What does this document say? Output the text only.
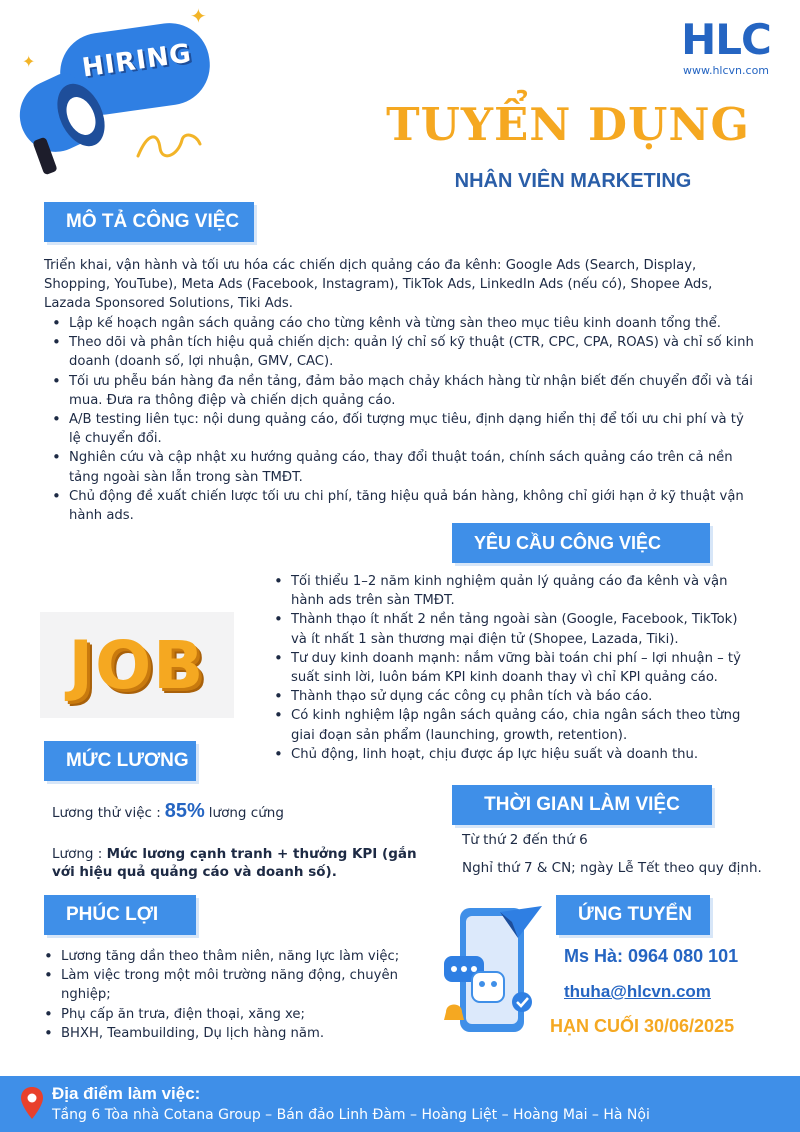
✦
✦	HIRING	HLC
www.hlcvn.com
TUYỂN DỤNG
NHÂN VIÊN MARKETING
MÔ TẢ CÔNG VIỆC
Triển khai, vận hành và tối ưu hóa các chiến dịch quảng cáo đa kênh: Google Ads (Search, Display, Shopping, YouTube), Meta Ads (Facebook, Instagram), TikTok Ads, LinkedIn Ads (nếu có), Shopee Ads, Lazada Sponsored Solutions, Tiki Ads.
• Lập kế hoạch ngân sách quảng cáo cho từng kênh và từng sàn theo mục tiêu kinh doanh tổng thể.
• Theo dõi và phân tích hiệu quả chiến dịch: quản lý chỉ số kỹ thuật (CTR, CPC, CPA, ROAS) và chỉ số kinh doanh (doanh số, lợi nhuận, GMV, CAC).
• Tối ưu phễu bán hàng đa nền tảng, đảm bảo mạch chảy khách hàng từ nhận biết đến chuyển đổi và tái mua. Đưa ra thông điệp và chiến dịch quảng cáo.
• A/B testing liên tục: nội dung quảng cáo, đối tượng mục tiêu, định dạng hiển thị để tối ưu chi phí và tỷ lệ chuyển đổi.
• Nghiên cứu và cập nhật xu hướng quảng cáo, thay đổi thuật toán, chính sách quảng cáo trên cả nền tảng ngoài sàn lẫn trong sàn TMĐT.
• Chủ động đề xuất chiến lược tối ưu chi phí, tăng hiệu quả bán hàng, không chỉ giới hạn ở kỹ thuật vận hành ads.
YÊU CẦU CÔNG VIỆC
JOB
• Tối thiểu 1–2 năm kinh nghiệm quản lý quảng cáo đa kênh và vận hành ads trên sàn TMĐT.
• Thành thạo ít nhất 2 nền tảng ngoài sàn (Google, Facebook, TikTok) và ít nhất 1 sàn thương mại điện tử (Shopee, Lazada, Tiki).
• Tư duy kinh doanh mạnh: nắm vững bài toán chi phí – lợi nhuận – tỷ suất sinh lời, luôn bám KPI kinh doanh thay vì chỉ KPI quảng cáo.
• Thành thạo sử dụng các công cụ phân tích và báo cáo.
• Có kinh nghiệm lập ngân sách quảng cáo, chia ngân sách theo từng giai đoạn sản phẩm (launching, growth, retention).
• Chủ động, linh hoạt, chịu được áp lực hiệu suất và doanh thu.
MỨC LƯƠNG
Lương thử việc : 85% lương cứng
Lương : Mức lương cạnh tranh + thưởng KPI (gắn với hiệu quả quảng cáo và doanh số).
THỜI GIAN LÀM VIỆC
Từ thứ 2 đến thứ 6
Nghỉ thứ 7 & CN; ngày Lễ Tết theo quy định.
PHÚC LỢI
• Lương tăng dần theo thâm niên, năng lực làm việc;
• Làm việc trong một môi trường năng động, chuyên nghiệp;
• Phụ cấp ăn trưa, điện thoại, xăng xe;
• BHXH, Teambuilding, Dụ lịch hàng năm.
ỨNG TUYỂN
Ms Hà: 0964 080 101
thuha@hlcvn.com
HẠN CUỐI 30/06/2025
Địa điểm làm việc:
Tầng 6 Tòa nhà Cotana Group – Bán đảo Linh Đàm – Hoàng Liệt – Hoàng Mai – Hà Nội
